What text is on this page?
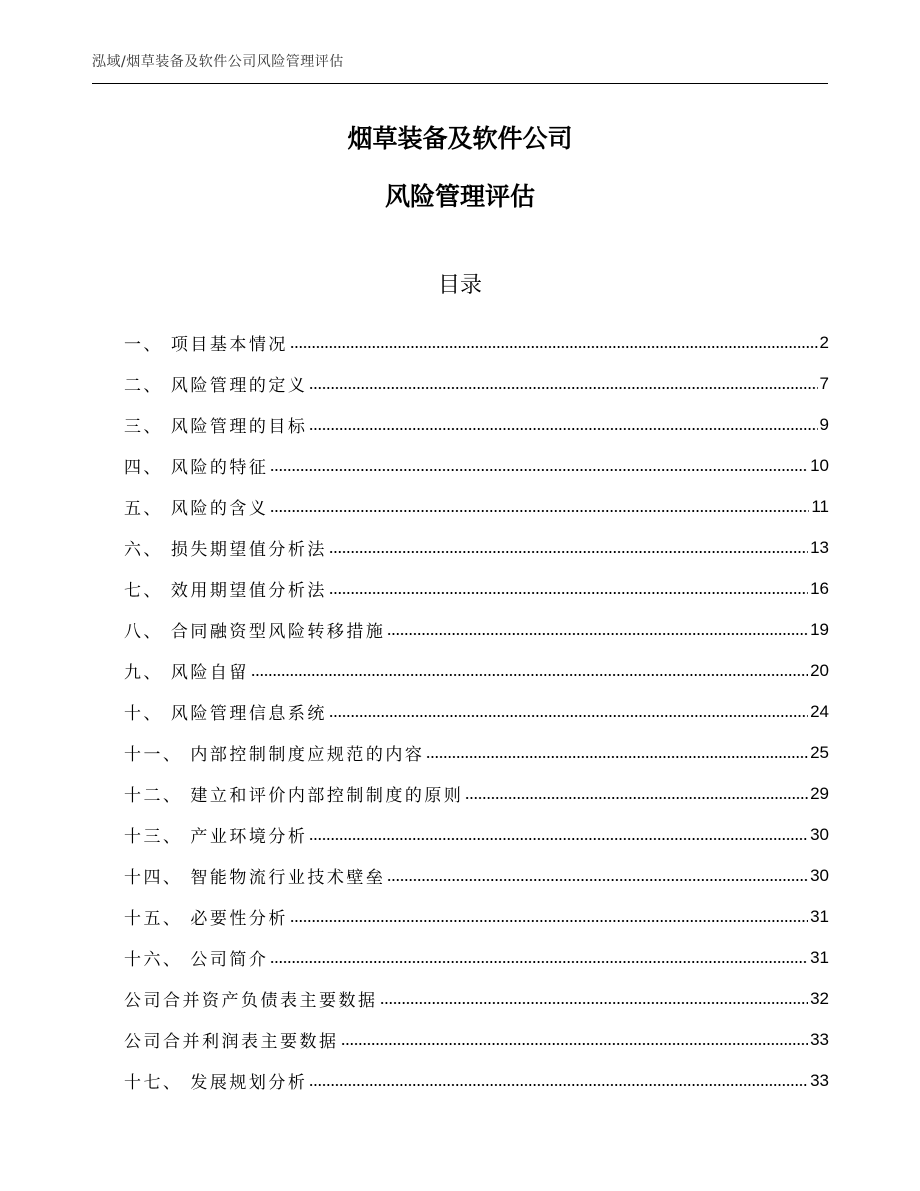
泓域/烟草装备及软件公司风险管理评估
烟草装备及软件公司
风险管理评估
目录
一、 项目基本情况	2
二、 风险管理的定义	7
三、 风险管理的目标	9
四、 风险的特征	10
五、 风险的含义	11
六、 损失期望值分析法	13
七、 效用期望值分析法	16
八、 合同融资型风险转移措施	19
九、 风险自留	20
十、 风险管理信息系统	24
十一、 内部控制制度应规范的内容	25
十二、 建立和评价内部控制制度的原则	29
十三、 产业环境分析	30
十四、 智能物流行业技术壁垒	30
十五、 必要性分析	31
十六、 公司简介	31
公司合并资产负债表主要数据	32
公司合并利润表主要数据	33
十七、 发展规划分析	33
